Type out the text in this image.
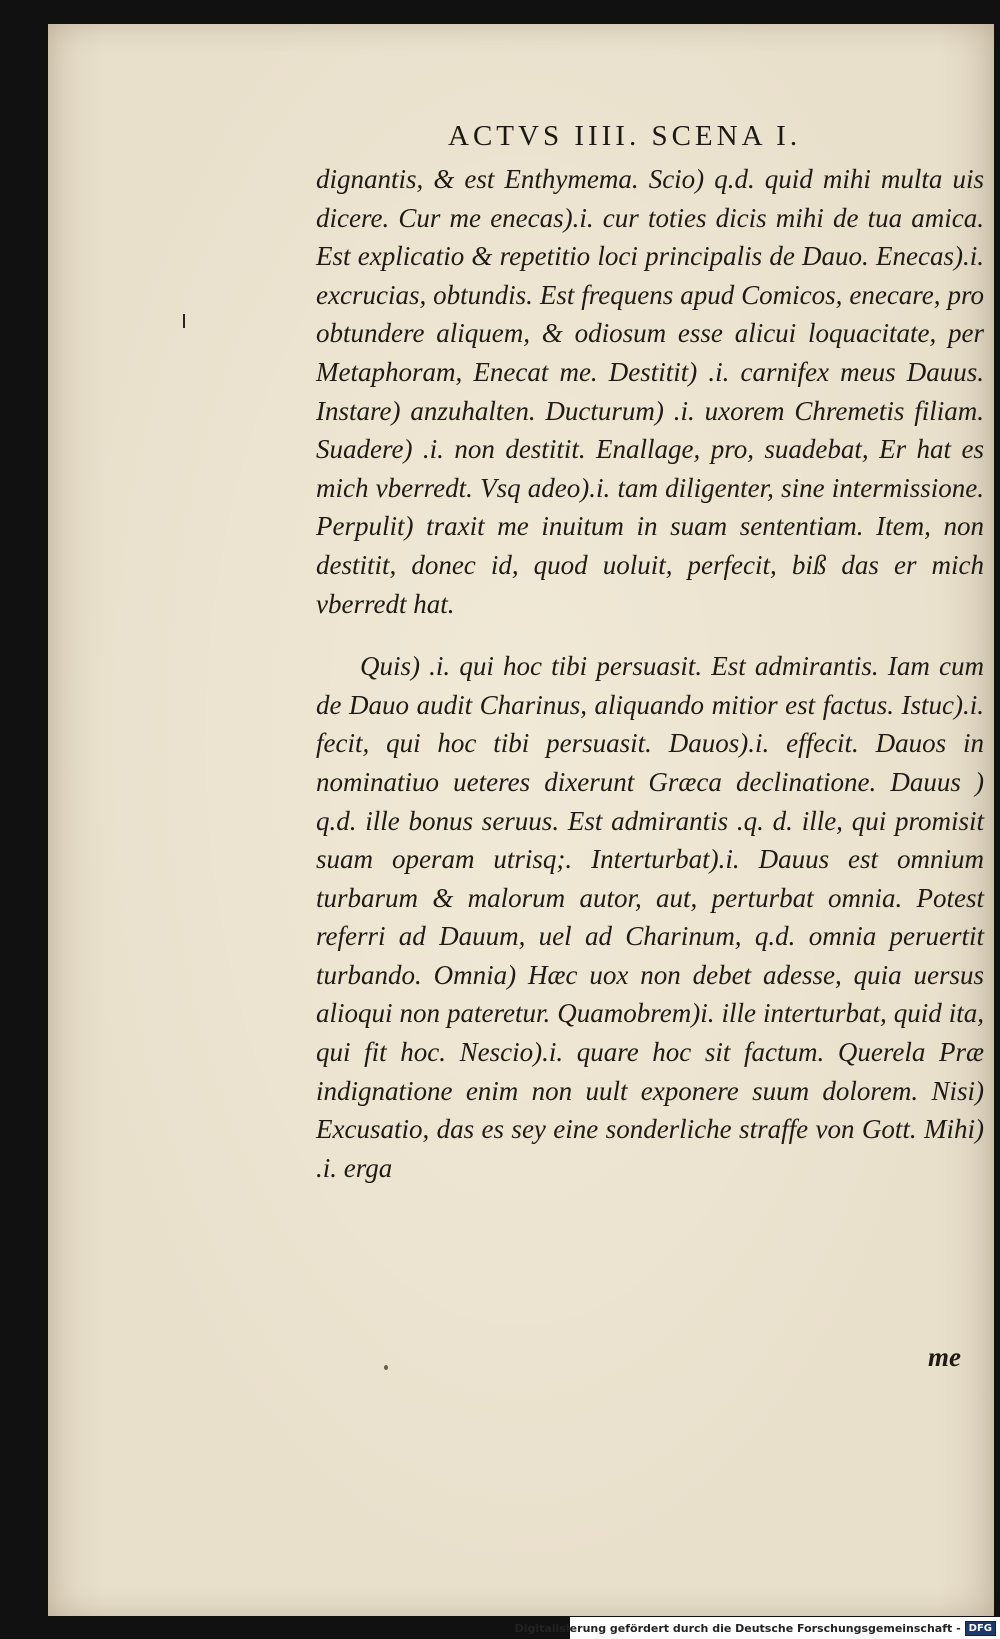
ACTVS IIII. SCENA I.

dignantis, & est Enthymema. Scio) q.d. quid mihi multa uis dicere. Cur me enecas).i. cur toties dicis mihi de tua amica. Est explicatio & repetitio loci principalis de Dauo. Enecas).i. excrucias, obtundis. Est frequens apud Comicos, enecare, pro obtundere aliquem, & odiosum esse alicui loquacitate, per Metaphoram, Enecat me. Destitit) .i. carnifex meus Dauus. Instare) anzuhalten. Ducturum) .i. uxorem Chremetis filiam. Suadere) .i. non destitit. Enallage, pro, suadebat, Er hat es mich vberredt. Vsq adeo).i. tam diligenter, sine intermissione. Perpulit) traxit me inuitum in suam sententiam. Item, non destitit, donec id, quod uoluit, perfecit, biß das er mich vberredt hat.

Quis) .i. qui hoc tibi persuasit. Est admirantis. Iam cum de Dauo audit Charinus, aliquando mitior est factus. Istuc).i. fecit, qui hoc tibi persuasit. Dauos).i. effecit. Dauos in nominatiuo ueteres dixerunt Græca declinatione. Dauus ) q.d. ille bonus seruus. Est admirantis .q. d. ille, qui promisit suam operam utrisq;. Interturbat).i. Dauus est omnium turbarum & malorum autor, aut, perturbat omnia. Potest referri ad Dauum, uel ad Charinum, q.d. omnia peruertit turbando. Omnia) Hæc uox non debet adesse, quia uersus alioqui non pateretur. Quamobrem)i. ille interturbat, quid ita, qui fit hoc. Nescio).i. quare hoc sit factum. Querela Præ indignatione enim non uult exponere suum dolorem. Nisi) Excusatio, das es sey eine sonderliche straffe von Gott. Mihi) .i. erga

me
Digitalisierung gefördert durch die Deutsche Forschungsgemeinschaft - DFG
